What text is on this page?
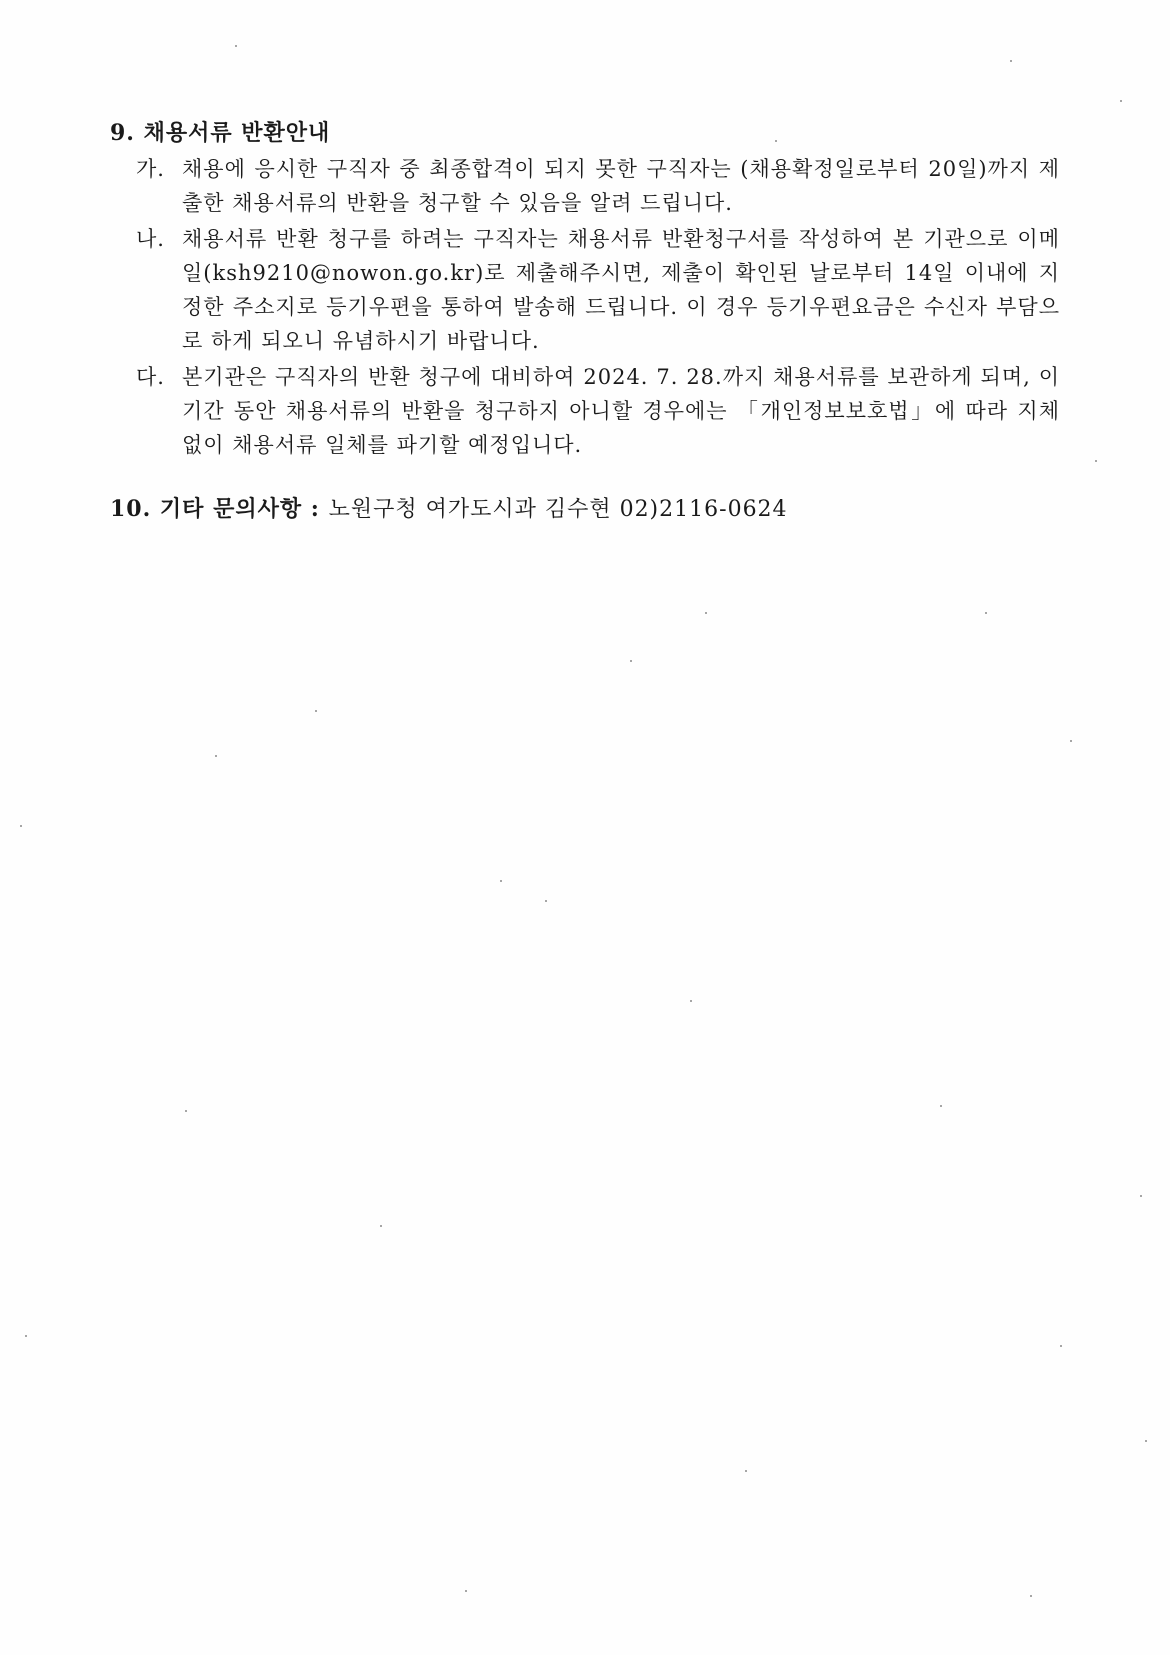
9. 채용서류 반환안내
가. 채용에 응시한 구직자 중 최종합격이 되지 못한 구직자는 (채용확정일로부터 20일)까지 제출한 채용서류의 반환을 청구할 수 있음을 알려 드립니다.
나. 채용서류 반환 청구를 하려는 구직자는 채용서류 반환청구서를 작성하여 본 기관으로 이메일(ksh9210@nowon.go.kr)로 제출해주시면, 제출이 확인된 날로부터 14일 이내에 지정한 주소지로 등기우편을 통하여 발송해 드립니다. 이 경우 등기우편요금은 수신자 부담으로 하게 되오니 유념하시기 바랍니다.
다. 본기관은 구직자의 반환 청구에 대비하여 2024. 7. 28.까지 채용서류를 보관하게 되며, 이 기간 동안 채용서류의 반환을 청구하지 아니할 경우에는 「개인정보보호법」에 따라 지체없이 채용서류 일체를 파기할 예정입니다.
10. 기타 문의사항 : 노원구청 여가도시과 김수현 02)2116-0624
